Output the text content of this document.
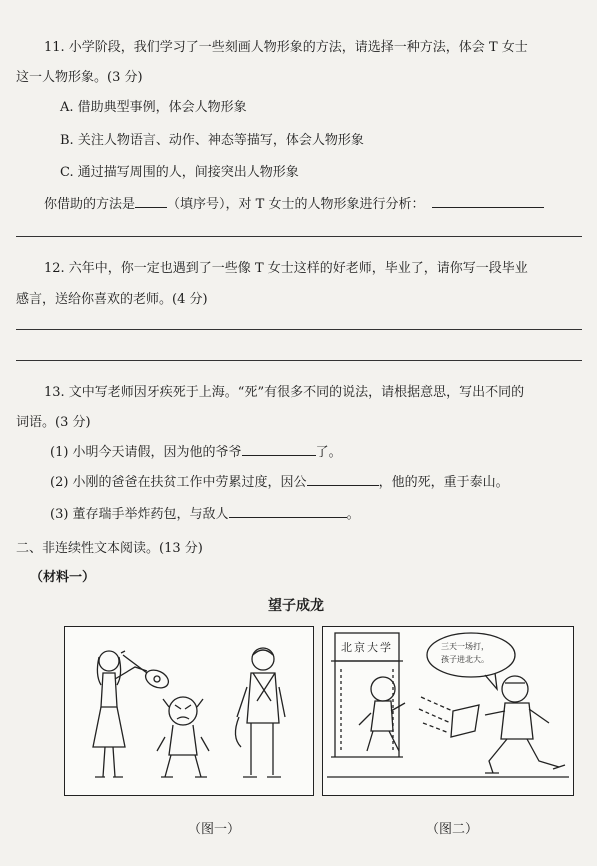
11. 小学阶段，我们学习了一些刻画人物形象的方法，请选择一种方法，体会 T 女士
这一人物形象。(3 分)
A. 借助典型事例，体会人物形象
B. 关注人物语言、动作、神态等描写，体会人物形象
C. 通过描写周围的人，间接突出人物形象
你借助的方法是 （填序号），对 T 女士的人物形象进行分析：
12. 六年中，你一定也遇到了一些像 T 女士这样的好老师，毕业了，请你写一段毕业
感言，送给你喜欢的老师。(4 分)
13. 文中写老师因牙疾死于上海。“死”有很多不同的说法，请根据意思，写出不同的
词语。(3 分)
(1) 小明今天请假，因为他的爷爷	了。
(2) 小刚的爸爸在扶贫工作中劳累过度，因公	，他的死，重于泰山。
(3) 董存瑞手举炸药包，与敌人	。
二、非连续性文本阅读。(13 分)
（材料一）
望子成龙
北京大学	三天一场打，
孩子进北大。
（图一）	（图二）
